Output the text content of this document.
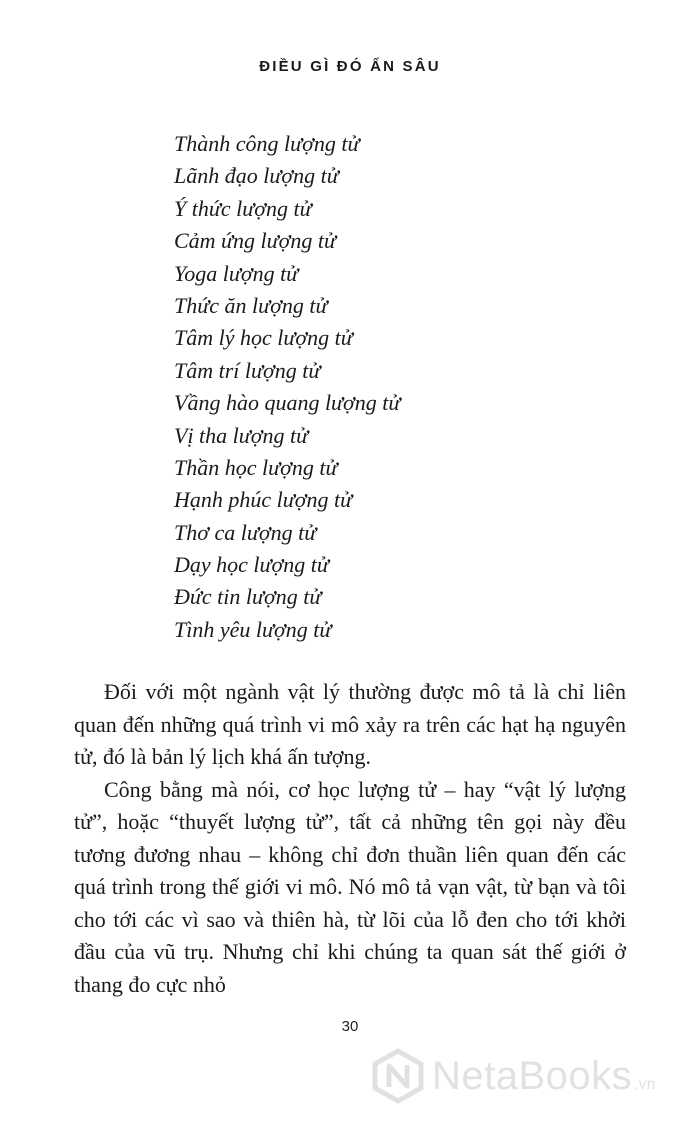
ĐIỀU GÌ ĐÓ ẨN SÂU
Thành công lượng tử
Lãnh đạo lượng tử
Ý thức lượng tử
Cảm ứng lượng tử
Yoga lượng tử
Thức ăn lượng tử
Tâm lý học lượng tử
Tâm trí lượng tử
Vầng hào quang lượng tử
Vị tha lượng tử
Thần học lượng tử
Hạnh phúc lượng tử
Thơ ca lượng tử
Dạy học lượng tử
Đức tin lượng tử
Tình yêu lượng tử

Đối với một ngành vật lý thường được mô tả là chỉ liên quan đến những quá trình vi mô xảy ra trên các hạt hạ nguyên tử, đó là bản lý lịch khá ấn tượng.

Công bằng mà nói, cơ học lượng tử – hay “vật lý lượng tử”, hoặc “thuyết lượng tử”, tất cả những tên gọi này đều tương đương nhau – không chỉ đơn thuần liên quan đến các quá trình trong thế giới vi mô. Nó mô tả vạn vật, từ bạn và tôi cho tới các vì sao và thiên hà, từ lõi của lỗ đen cho tới khởi đầu của vũ trụ. Nhưng chỉ khi chúng ta quan sát thế giới ở thang đo cực nhỏ

30
NetaBooks .vn
